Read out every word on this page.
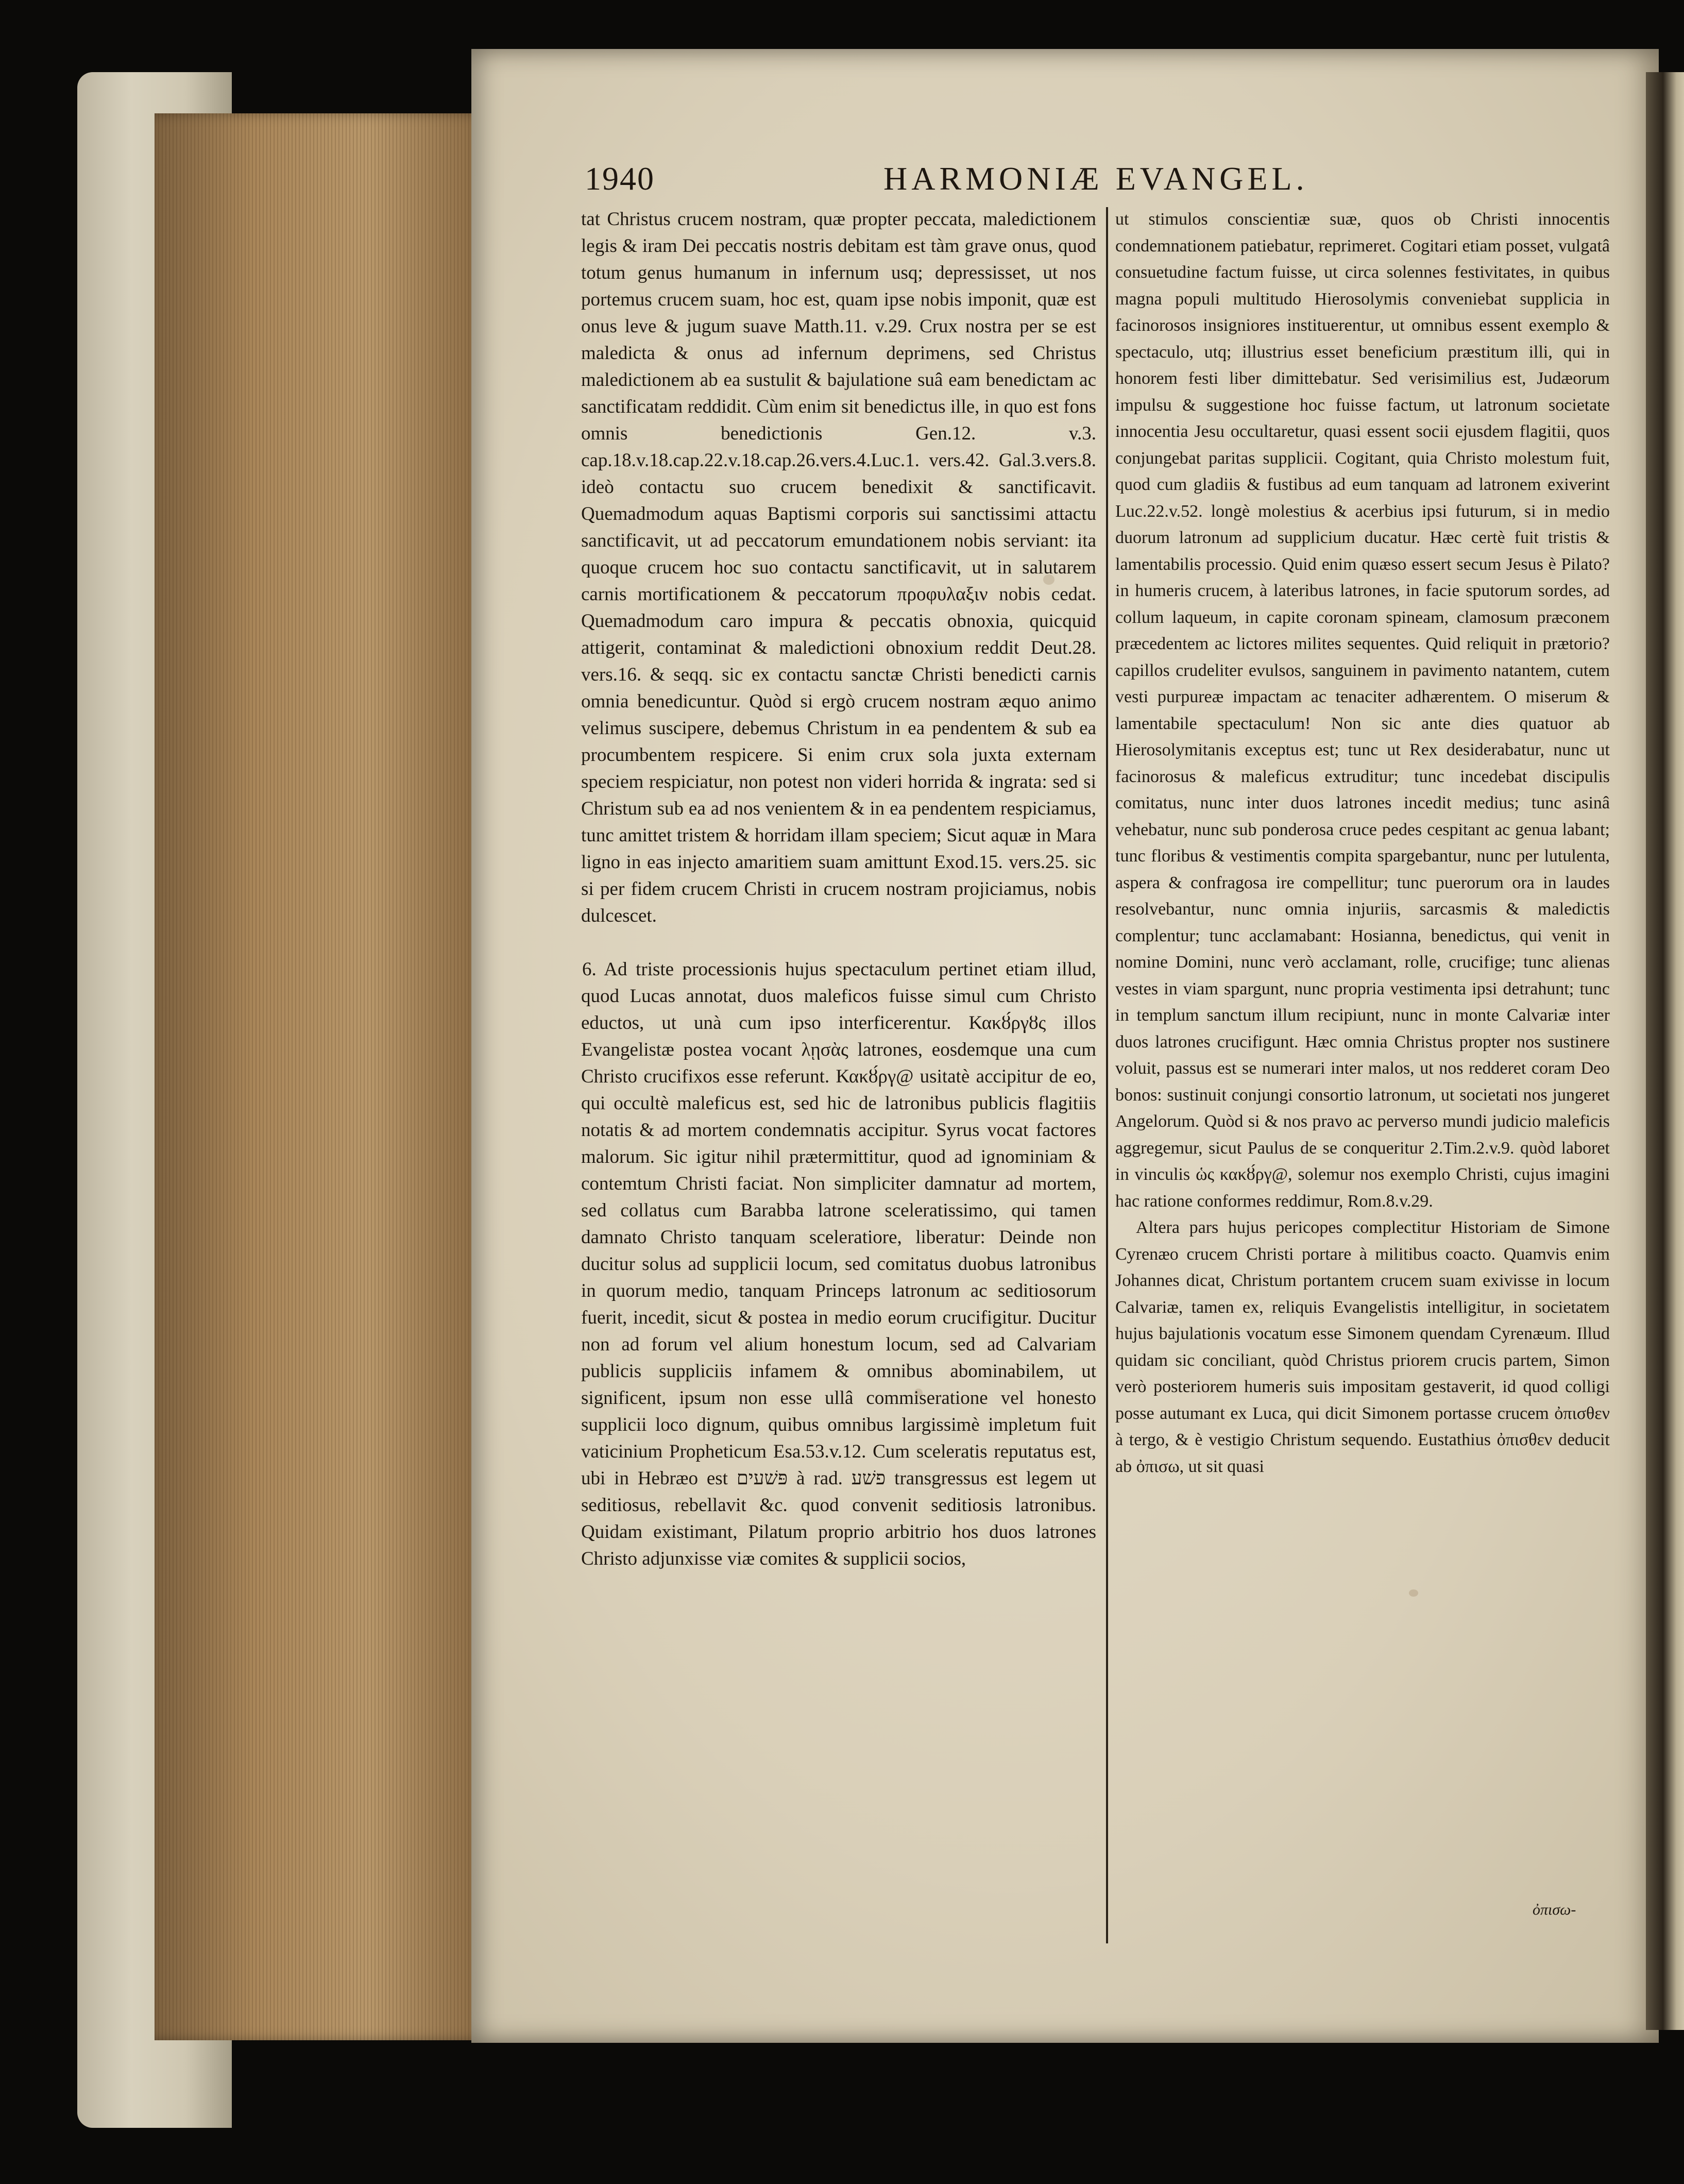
1940	HARMONIÆ EVANGEL.

tat Christus crucem nostram, quæ propter peccata, maledictionem legis & iram Dei peccatis nostris debitam est tàm grave onus, quod totum genus humanum in infernum usq; depressisset, ut nos portemus crucem suam, hoc est, quam ipse nobis imponit, quæ est onus leve & jugum suave Matth.11. v.29. Crux nostra per se est maledicta & onus ad infernum deprimens, sed Christus maledictionem ab ea sustulit & bajulatione suâ eam benedictam ac sanctificatam reddidit. Cùm enim sit benedictus ille, in quo est fons omnis benedictionis Gen.12. v.3. cap.18.v.18.cap.22.v.18.cap.26.vers.4.Luc.1. vers.42. Gal.3.vers.8. ideò contactu suo crucem benedixit & sanctificavit. Quemadmodum aquas Baptismi corporis sui sanctissimi attactu sanctificavit, ut ad peccatorum emundationem nobis serviant: ita quoque crucem hoc suo contactu sanctificavit, ut in salutarem carnis mortificationem & peccatorum προφυλαξιν nobis cedat. Quemadmodum caro impura & peccatis obnoxia, quicquid attigerit, contaminat & maledictioni obnoxium reddit Deut.28. vers.16. & seqq. sic ex contactu sanctæ Christi benedicti carnis omnia benedicuntur. Quòd si ergò crucem nostram æquo animo velimus suscipere, debemus Christum in ea pendentem & sub ea procumbentem respicere. Si enim crux sola juxta externam speciem respiciatur, non potest non videri horrida & ingrata: sed si Christum sub ea ad nos venientem & in ea pendentem respiciamus, tunc amittet tristem & horridam illam speciem; Sicut aquæ in Mara ligno in eas injecto amaritiem suam amittunt Exod.15. vers.25. sic si per fidem crucem Christi in crucem nostram projiciamus, nobis dulcescet.

6. Ad triste processionis hujus spectaculum pertinet etiam illud, quod Lucas annotat, duos maleficos fuisse simul cum Christo eductos, ut unà cum ipso interficerentur. Κακȣ́ργȣς illos Evangelistæ postea vocant λῃσὰς latrones, eosdemque una cum Christo crucifixos esse referunt. Κακȣ́ργ@ usitatè accipitur de eo, qui occultè maleficus est, sed hic de latronibus publicis flagitiis notatis & ad mortem condemnatis accipitur. Syrus vocat factores malorum. Sic igitur nihil prætermittitur, quod ad ignominiam & contemtum Christi faciat. Non simpliciter damnatur ad mortem, sed collatus cum Barabba latrone sceleratissimo, qui tamen damnato Christo tanquam sceleratiore, liberatur: Deinde non ducitur solus ad supplicii locum, sed comitatus duobus latronibus in quorum medio, tanquam Princeps latronum ac seditiosorum fuerit, incedit, sicut & postea in medio eorum crucifigitur. Ducitur non ad forum vel alium honestum locum, sed ad Calvariam publicis suppliciis infamem & omnibus abominabilem, ut significent, ipsum non esse ullâ commiseratione vel honesto supplicii loco dignum, quibus omnibus largissimè impletum fuit vaticinium Propheticum Esa.53.v.12. Cum sceleratis reputatus est, ubi in Hebræo est פּשׁעים à rad. פשׁע transgressus est legem ut seditiosus, rebellavit &c. quod convenit seditiosis latronibus. Quidam existimant, Pilatum proprio arbitrio hos duos latrones Christo adjunxisse viæ comites & supplicii socios,

ut stimulos conscientiæ suæ, quos ob Christi innocentis condemnationem patiebatur, reprimeret. Cogitari etiam posset, vulgatâ consuetudine factum fuisse, ut circa solennes festivitates, in quibus magna populi multitudo Hierosolymis conveniebat supplicia in facinorosos insigniores instituerentur, ut omnibus essent exemplo & spectaculo, utq; illustrius esset beneficium præstitum illi, qui in honorem festi liber dimittebatur. Sed verisimilius est, Judæorum impulsu & suggestione hoc fuisse factum, ut latronum societate innocentia Jesu occultaretur, quasi essent socii ejusdem flagitii, quos conjungebat paritas supplicii. Cogitant, quia Christo molestum fuit, quod cum gladiis & fustibus ad eum tanquam ad latronem exiverint Luc.22.v.52. longè molestius & acerbius ipsi futurum, si in medio duorum latronum ad supplicium ducatur. Hæc certè fuit tristis & lamentabilis processio. Quid enim quæso essert secum Jesus è Pilato? in humeris crucem, à lateribus latrones, in facie sputorum sordes, ad collum laqueum, in capite coronam spineam, clamosum præconem præcedentem ac lictores milites sequentes. Quid reliquit in prætorio? capillos crudeliter evulsos, sanguinem in pavimento natantem, cutem vesti purpureæ impactam ac tenaciter adhærentem. O miserum & lamentabile spectaculum! Non sic ante dies quatuor ab Hierosolymitanis exceptus est; tunc ut Rex desiderabatur, nunc ut facinorosus & maleficus extruditur; tunc incedebat discipulis comitatus, nunc inter duos latrones incedit medius; tunc asinâ vehebatur, nunc sub ponderosa cruce pedes cespitant ac genua labant; tunc floribus & vestimentis compita spargebantur, nunc per lutulenta, aspera & confragosa ire compellitur; tunc puerorum ora in laudes resolvebantur, nunc omnia injuriis, sarcasmis & maledictis complentur; tunc acclamabant: Hosianna, benedictus, qui venit in nomine Domini, nunc verò acclamant, rolle, crucifige; tunc alienas vestes in viam spargunt, nunc propria vestimenta ipsi detrahunt; tunc in templum sanctum illum recipiunt, nunc in monte Calvariæ inter duos latrones crucifigunt. Hæc omnia Christus propter nos sustinere voluit, passus est se numerari inter malos, ut nos redderet coram Deo bonos: sustinuit conjungi consortio latronum, ut societati nos jungeret Angelorum. Quòd si & nos pravo ac perverso mundi judicio maleficis aggregemur, sicut Paulus de se conqueritur 2.Tim.2.v.9. quòd laboret in vinculis ὡς κακȣ́ργ@, solemur nos exemplo Christi, cujus imagini hac ratione conformes reddimur, Rom.8.v.29.

Altera pars hujus pericopes complectitur Historiam de Simone Cyrenæo crucem Christi portare à militibus coacto. Quamvis enim Johannes dicat, Christum portantem crucem suam exivisse in locum Calvariæ, tamen ex, reliquis Evangelistis intelligitur, in societatem hujus bajulationis vocatum esse Simonem quendam Cyrenæum. Illud quidam sic conciliant, quòd Christus priorem crucis partem, Simon verò posteriorem humeris suis impositam gestaverit, id quod colligi posse autumant ex Luca, qui dicit Simonem portasse crucem ὀπισθεν à tergo, & è vestigio Christum sequendo. Eustathius ὀπισθεν deducit ab ὀπισω, ut sit quasi

ὀπισω-
